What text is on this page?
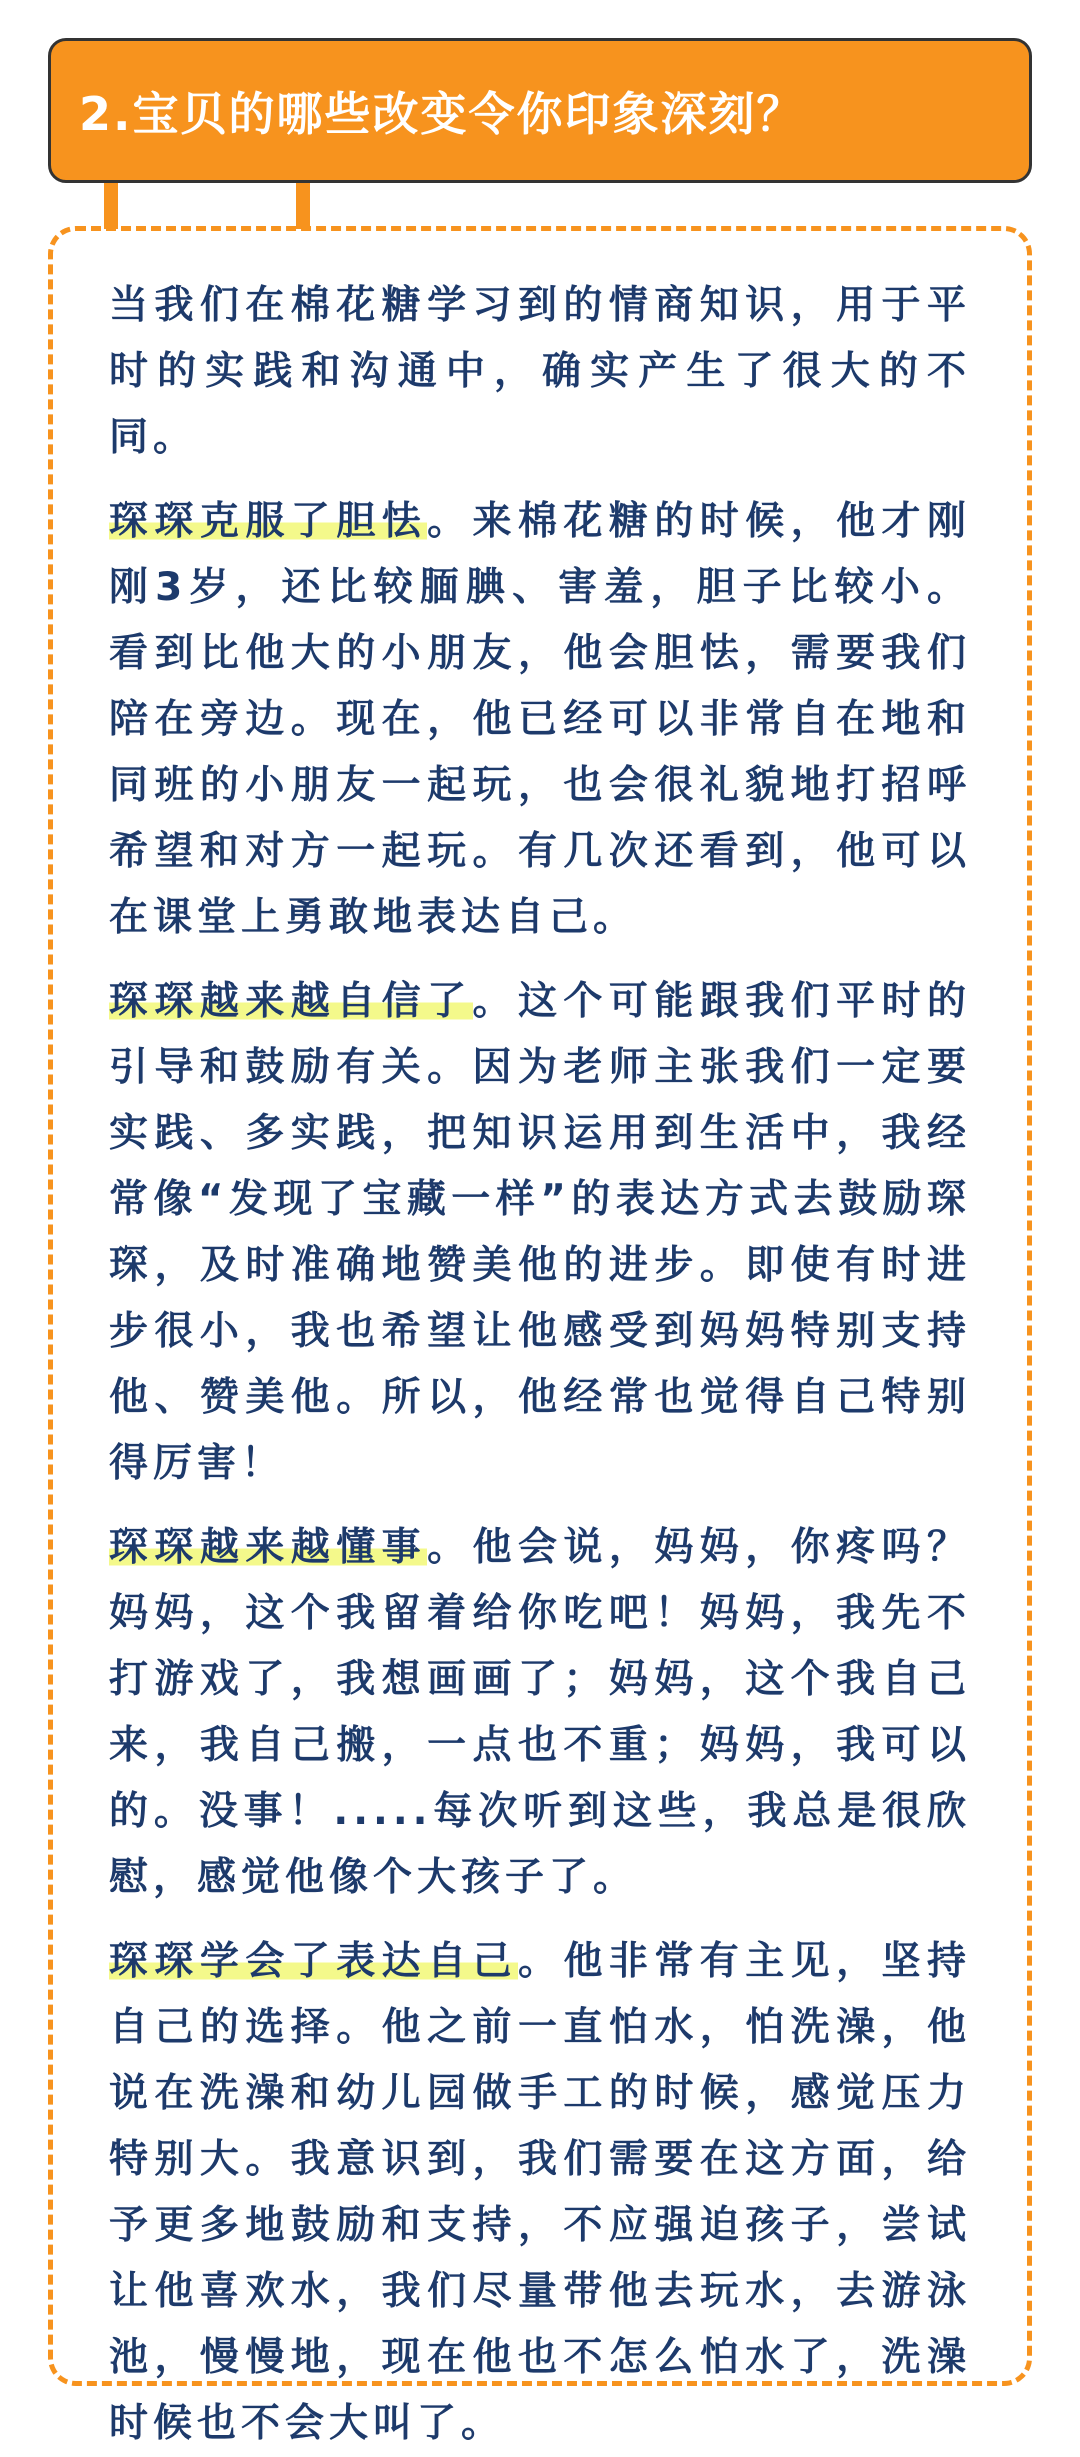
2.宝贝的哪些改变令你印象深刻？

当我们在棉花糖学习到的情商知识，用于平时的实践和沟通中，确实产生了很大的不同。

琛琛克服了胆怯。来棉花糖的时候，他才刚刚3岁，还比较腼腆、害羞，胆子比较小。看到比他大的小朋友，他会胆怯，需要我们陪在旁边。现在，他已经可以非常自在地和同班的小朋友一起玩，也会很礼貌地打招呼希望和对方一起玩。有几次还看到，他可以在课堂上勇敢地表达自己。

琛琛越来越自信了。这个可能跟我们平时的引导和鼓励有关。因为老师主张我们一定要实践、多实践，把知识运用到生活中，我经常像“发现了宝藏一样”的表达方式去鼓励琛琛，及时准确地赞美他的进步。即使有时进步很小，我也希望让他感受到妈妈特别支持他、赞美他。所以，他经常也觉得自己特别得厉害！

琛琛越来越懂事。他会说，妈妈，你疼吗？妈妈，这个我留着给你吃吧！妈妈，我先不打游戏了，我想画画了；妈妈，这个我自己来，我自己搬，一点也不重；妈妈，我可以的。没事！.....每次听到这些，我总是很欣慰，感觉他像个大孩子了。

琛琛学会了表达自己。他非常有主见，坚持自己的选择。他之前一直怕水，怕洗澡，他说在洗澡和幼儿园做手工的时候，感觉压力特别大。我意识到，我们需要在这方面，给予更多地鼓励和支持，不应强迫孩子，尝试让他喜欢水，我们尽量带他去玩水，去游泳池，慢慢地，现在他也不怎么怕水了，洗澡时候也不会大叫了。
